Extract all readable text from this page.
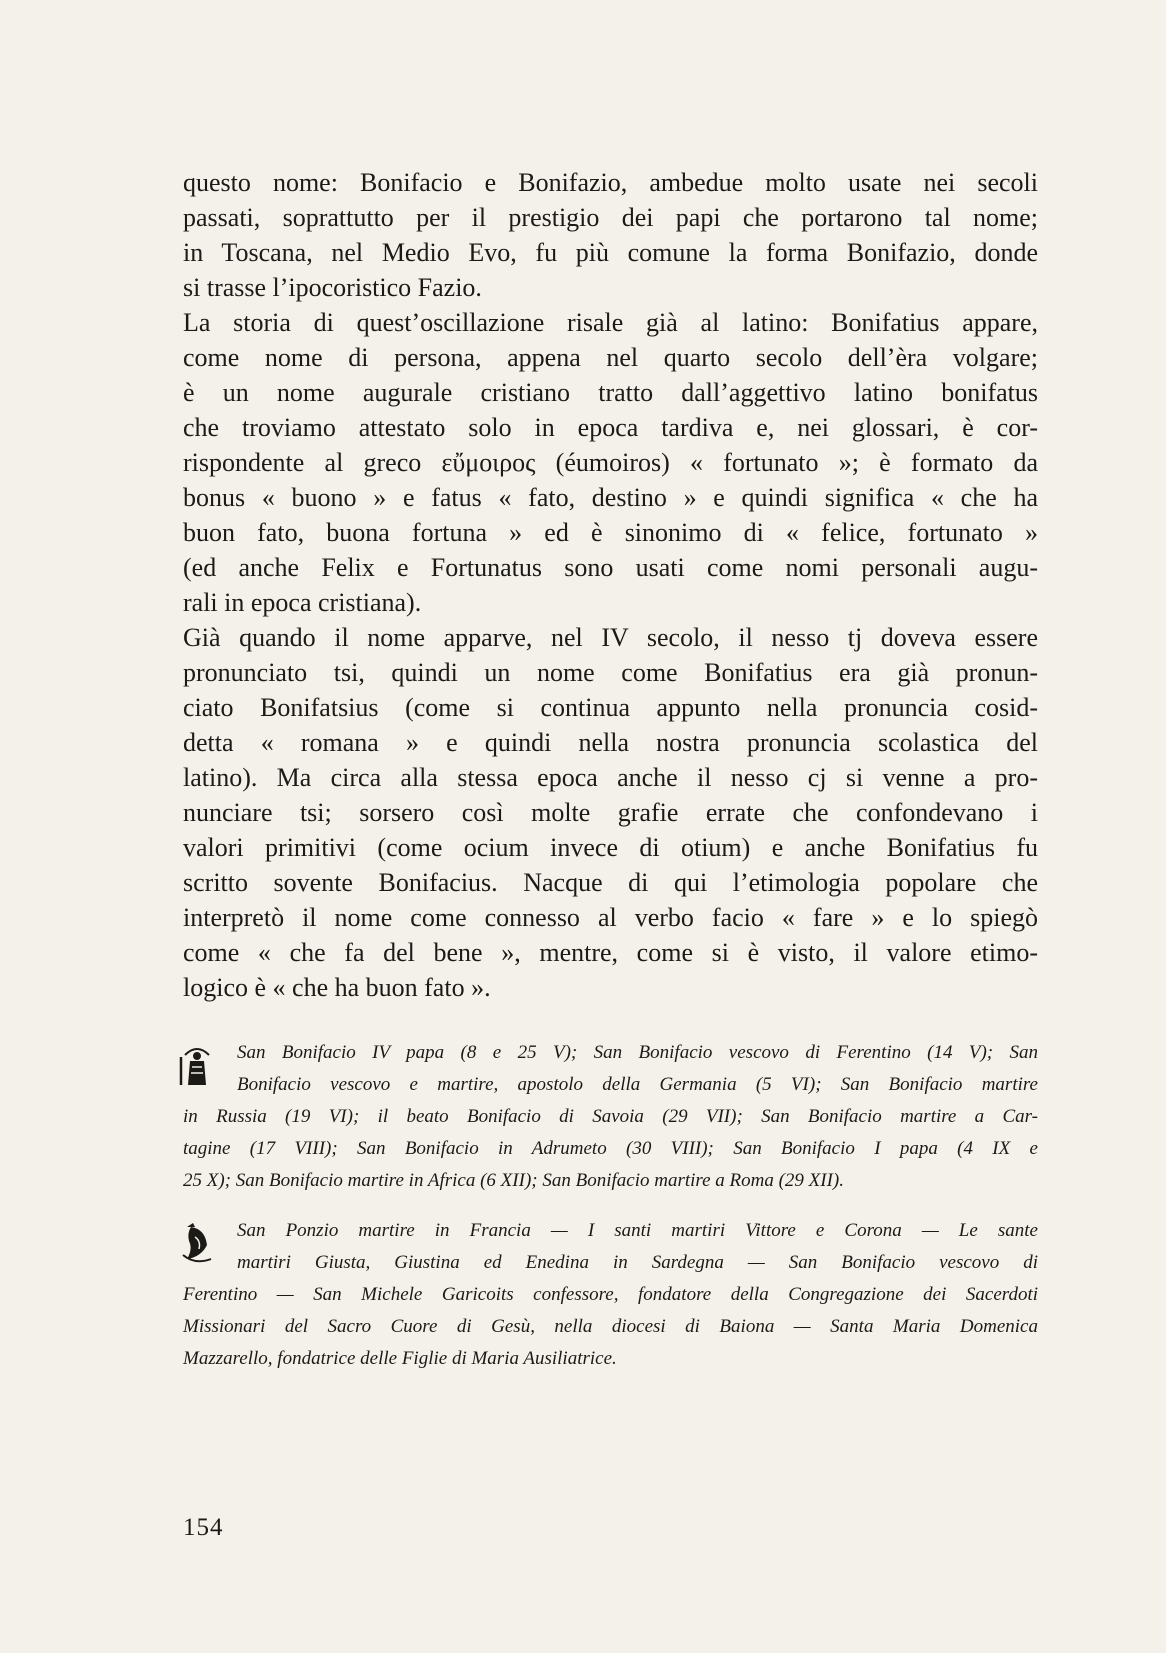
questo nome: Bonifacio e Bonifazio, ambedue molto usate nei secoli
passati, soprattutto per il prestigio dei papi che portarono tal nome;
in Toscana, nel Medio Evo, fu più comune la forma Bonifazio, donde
si trasse l’ipocoristico Fazio.
La storia di quest’oscillazione risale già al latino: Bonifatius appare,
come nome di persona, appena nel quarto secolo dell’èra volgare;
è un nome augurale cristiano tratto dall’aggettivo latino bonifatus
che troviamo attestato solo in epoca tardiva e, nei glossari, è cor-
rispondente al greco εὔμοιρος (éumoiros) « fortunato »; è formato da
bonus « buono » e fatus « fato, destino » e quindi significa « che ha
buon fato, buona fortuna » ed è sinonimo di « felice, fortunato »
(ed anche Felix e Fortunatus sono usati come nomi personali augu-
rali in epoca cristiana).
Già quando il nome apparve, nel IV secolo, il nesso tj doveva essere
pronunciato tsi, quindi un nome come Bonifatius era già pronun-
ciato Bonifatsius (come si continua appunto nella pronuncia cosid-
detta « romana » e quindi nella nostra pronuncia scolastica del
latino). Ma circa alla stessa epoca anche il nesso cj si venne a pro-
nunciare tsi; sorsero così molte grafie errate che confondevano i
valori primitivi (come ocium invece di otium) e anche Bonifatius fu
scritto sovente Bonifacius. Nacque di qui l’etimologia popolare che
interpretò il nome come connesso al verbo facio « fare » e lo spiegò
come « che fa del bene », mentre, come si è visto, il valore etimo-
logico è « che ha buon fato ».
San Bonifacio IV papa (8 e 25 V); San Bonifacio vescovo di Ferentino (14 V); San
Bonifacio vescovo e martire, apostolo della Germania (5 VI); San Bonifacio martire
in Russia (19 VI); il beato Bonifacio di Savoia (29 VII); San Bonifacio martire a Car-
tagine (17 VIII); San Bonifacio in Adrumeto (30 VIII); San Bonifacio I papa (4 IX e
25 X); San Bonifacio martire in Africa (6 XII); San Bonifacio martire a Roma (29 XII).
San Ponzio martire in Francia — I santi martiri Vittore e Corona — Le sante
martiri Giusta, Giustina ed Enedina in Sardegna — San Bonifacio vescovo di
Ferentino — San Michele Garicoits confessore, fondatore della Congregazione dei Sacerdoti
Missionari del Sacro Cuore di Gesù, nella diocesi di Baiona — Santa Maria Domenica
Mazzarello, fondatrice delle Figlie di Maria Ausiliatrice.
154
